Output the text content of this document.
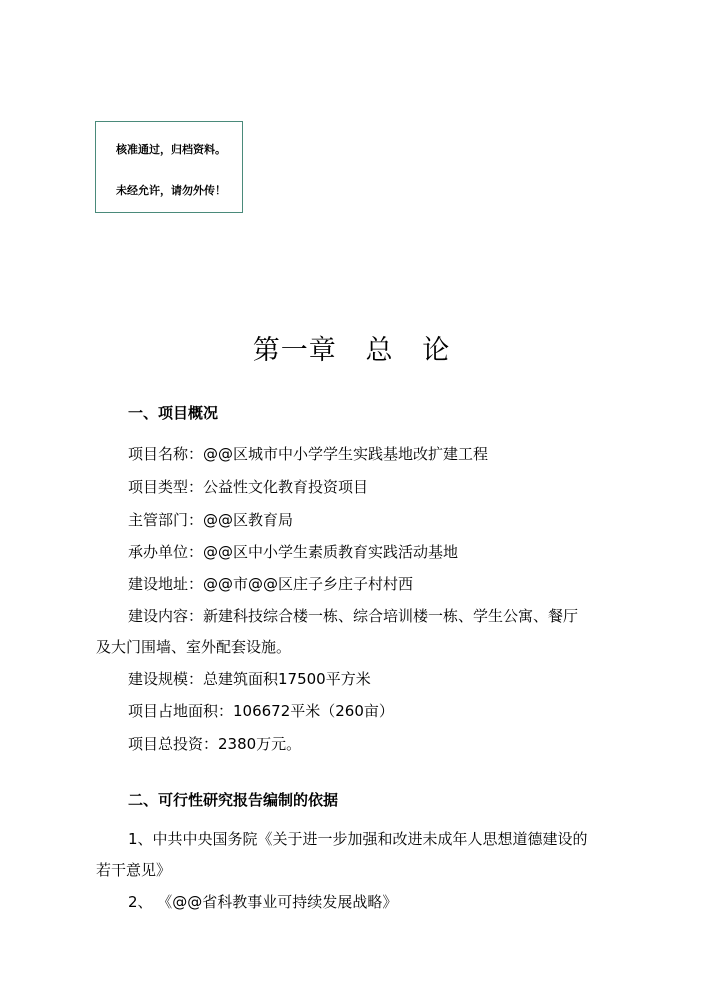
核准通过，归档资料。
未经允许，请勿外传！
第一章   总   论
一、项目概况
项目名称：@@区城市中小学学生实践基地改扩建工程
项目类型：公益性文化教育投资项目
主管部门：@@区教育局
承办单位：@@区中小学生素质教育实践活动基地
建设地址：@@市@@区庄子乡庄子村村西
建设内容：新建科技综合楼一栋、综合培训楼一栋、学生公寓、餐厅
及大门围墙、室外配套设施。
建设规模：总建筑面积17500平方米
项目占地面积：106672平米（260亩）
项目总投资：2380万元。
二、可行性研究报告编制的依据
1、中共中央国务院《关于进一步加强和改进未成年人思想道德建设的
若干意见》
2、 《@@省科教事业可持续发展战略》
